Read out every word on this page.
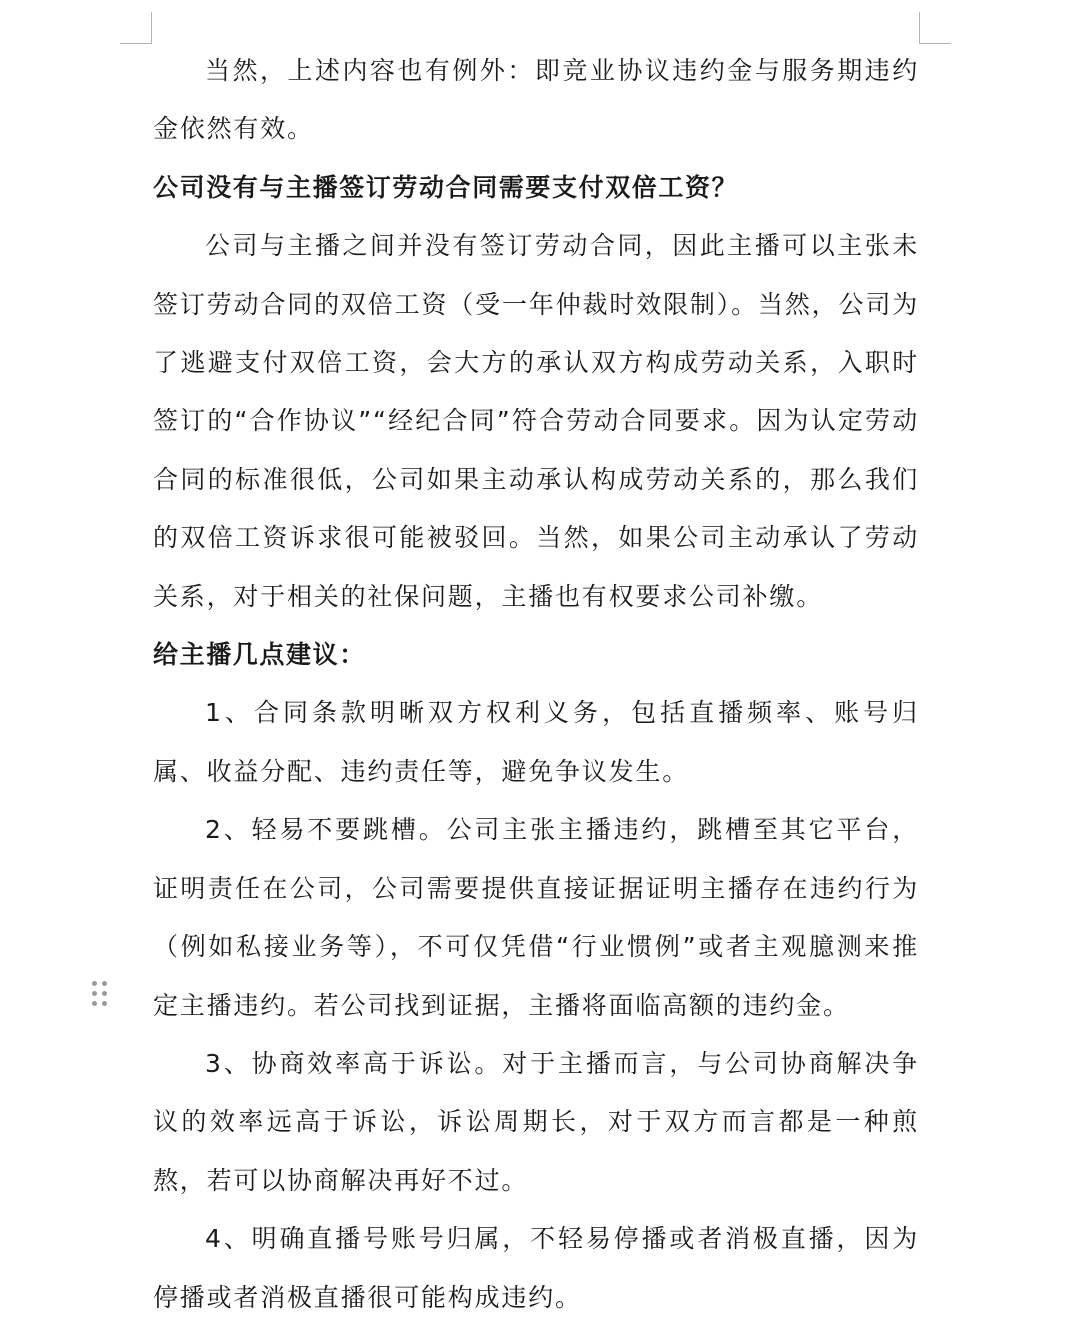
当然，上述内容也有例外：即竞业协议违约金与服务期违约金依然有效。

公司没有与主播签订劳动合同需要支付双倍工资？

公司与主播之间并没有签订劳动合同，因此主播可以主张未签订劳动合同的双倍工资（受一年仲裁时效限制）。当然，公司为了逃避支付双倍工资，会大方的承认双方构成劳动关系，入职时签订的“合作协议”“经纪合同”符合劳动合同要求。因为认定劳动合同的标准很低，公司如果主动承认构成劳动关系的，那么我们的双倍工资诉求很可能被驳回。当然，如果公司主动承认了劳动关系，对于相关的社保问题，主播也有权要求公司补缴。

给主播几点建议：

1、合同条款明晰双方权利义务，包括直播频率、账号归属、收益分配、违约责任等，避免争议发生。

2、轻易不要跳槽。公司主张主播违约，跳槽至其它平台，证明责任在公司，公司需要提供直接证据证明主播存在违约行为（例如私接业务等），不可仅凭借“行业惯例”或者主观臆测来推定主播违约。若公司找到证据，主播将面临高额的违约金。

3、协商效率高于诉讼。对于主播而言，与公司协商解决争议的效率远高于诉讼，诉讼周期长，对于双方而言都是一种煎熬，若可以协商解决再好不过。

4、明确直播号账号归属，不轻易停播或者消极直播，因为停播或者消极直播很可能构成违约。
